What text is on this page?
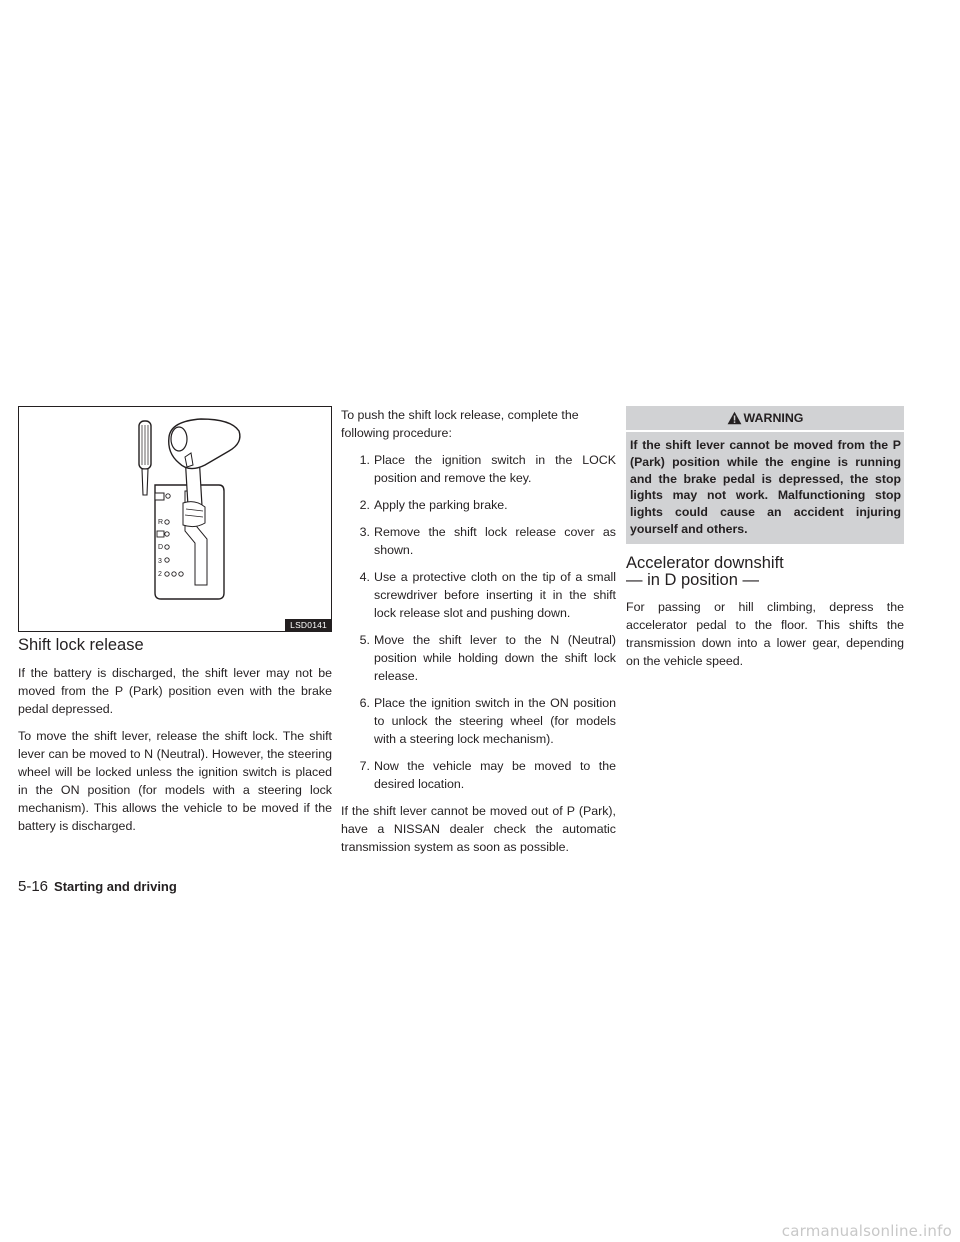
R
D
3
2
LSD0141
Shift lock release

If the battery is discharged, the shift lever may not be moved from the P (Park) position even with the brake pedal depressed.

To move the shift lever, release the shift lock. The shift lever can be moved to N (Neutral). However, the steering wheel will be locked unless the ignition switch is placed in the ON position (for models with a steering lock mechanism). This allows the vehicle to be moved if the battery is discharged.

To push the shift lock release, complete the following procedure:

1. Place the ignition switch in the LOCK position and remove the key.
2. Apply the parking brake.
3. Remove the shift lock release cover as shown.
4. Use a protective cloth on the tip of a small screwdriver before inserting it in the shift lock release slot and pushing down.
5. Move the shift lever to the N (Neutral) position while holding down the shift lock release.
6. Place the ignition switch in the ON position to unlock the steering wheel (for models with a steering lock mechanism).
7. Now the vehicle may be moved to the desired location.

If the shift lever cannot be moved out of P (Park), have a NISSAN dealer check the automatic transmission system as soon as possible.

WARNING
If the shift lever cannot be moved from the P (Park) position while the engine is running and the brake pedal is depressed, the stop lights may not work. Malfunctioning stop lights could cause an accident injuring yourself and others.
Accelerator downshift
— in D position —

For passing or hill climbing, depress the accelerator pedal to the floor. This shifts the transmission down into a lower gear, depending on the vehicle speed.

5-16 Starting and driving
carmanualsonline.info
